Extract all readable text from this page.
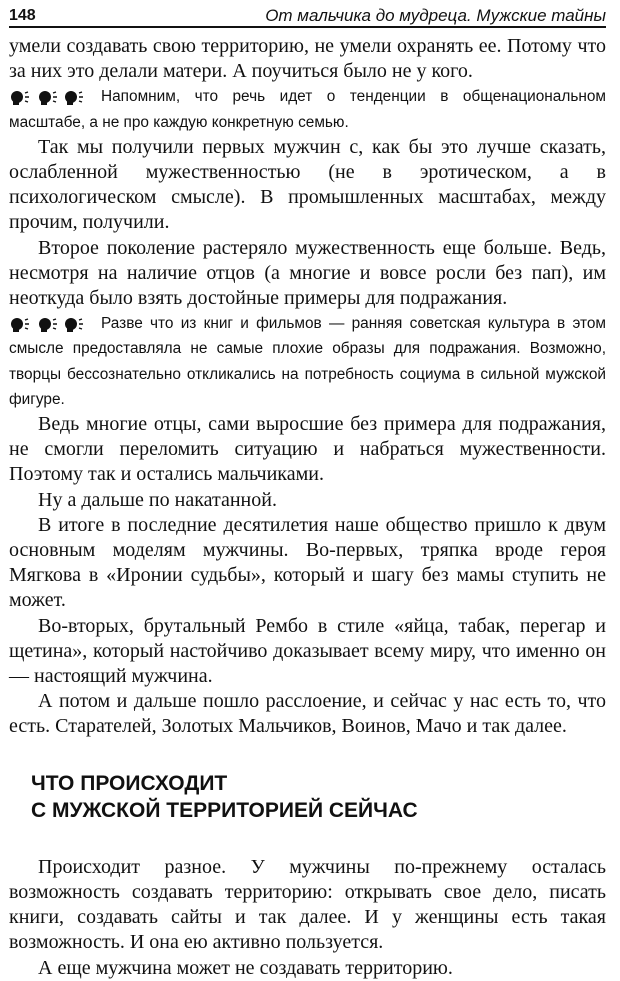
148	От мальчика до мудреца. Мужские тайны

умели создавать свою территорию, не умели охранять ее. Потому что за них это делали матери. А поучиться было не у кого.

Напомним, что речь идет о тенденции в общенациональном масштабе, а не про каждую конкретную семью.

Так мы получили первых мужчин с, как бы это лучше сказать, ослабленной мужественностью (не в эротическом, а в психологическом смысле). В промышленных масштабах, между прочим, получили.

Второе поколение растеряло мужественность еще больше. Ведь, несмотря на наличие отцов (а многие и вовсе росли без пап), им неоткуда было взять достойные примеры для подражания.

Разве что из книг и фильмов — ранняя советская культура в этом смысле предоставляла не самые плохие образы для подражания. Возможно, творцы бессознательно откликались на потребность социума в сильной мужской фигуре.

Ведь многие отцы, сами выросшие без примера для подражания, не смогли переломить ситуацию и набраться мужественности. Поэтому так и остались мальчиками.

Ну а дальше по накатанной.

В итоге в последние десятилетия наше общество пришло к двум основным моделям мужчины. Во-первых, тряпка вроде героя Мягкова в «Иронии судьбы», который и шагу без мамы ступить не может.

Во-вторых, брутальный Рембо в стиле «яйца, табак, перегар и щетина», который настойчиво доказывает всему миру, что именно он — настоящий мужчина.

А потом и дальше пошло расслоение, и сейчас у нас есть то, что есть. Старателей, Золотых Мальчиков, Воинов, Мачо и так далее.

ЧТО ПРОИСХОДИТ
С МУЖСКОЙ ТЕРРИТОРИЕЙ СЕЙЧАС

Происходит разное. У мужчины по-прежнему осталась возможность создавать территорию: открывать свое дело, писать книги, создавать сайты и так далее. И у женщины есть такая возможность. И она ею активно пользуется.

А еще мужчина может не создавать территорию.
